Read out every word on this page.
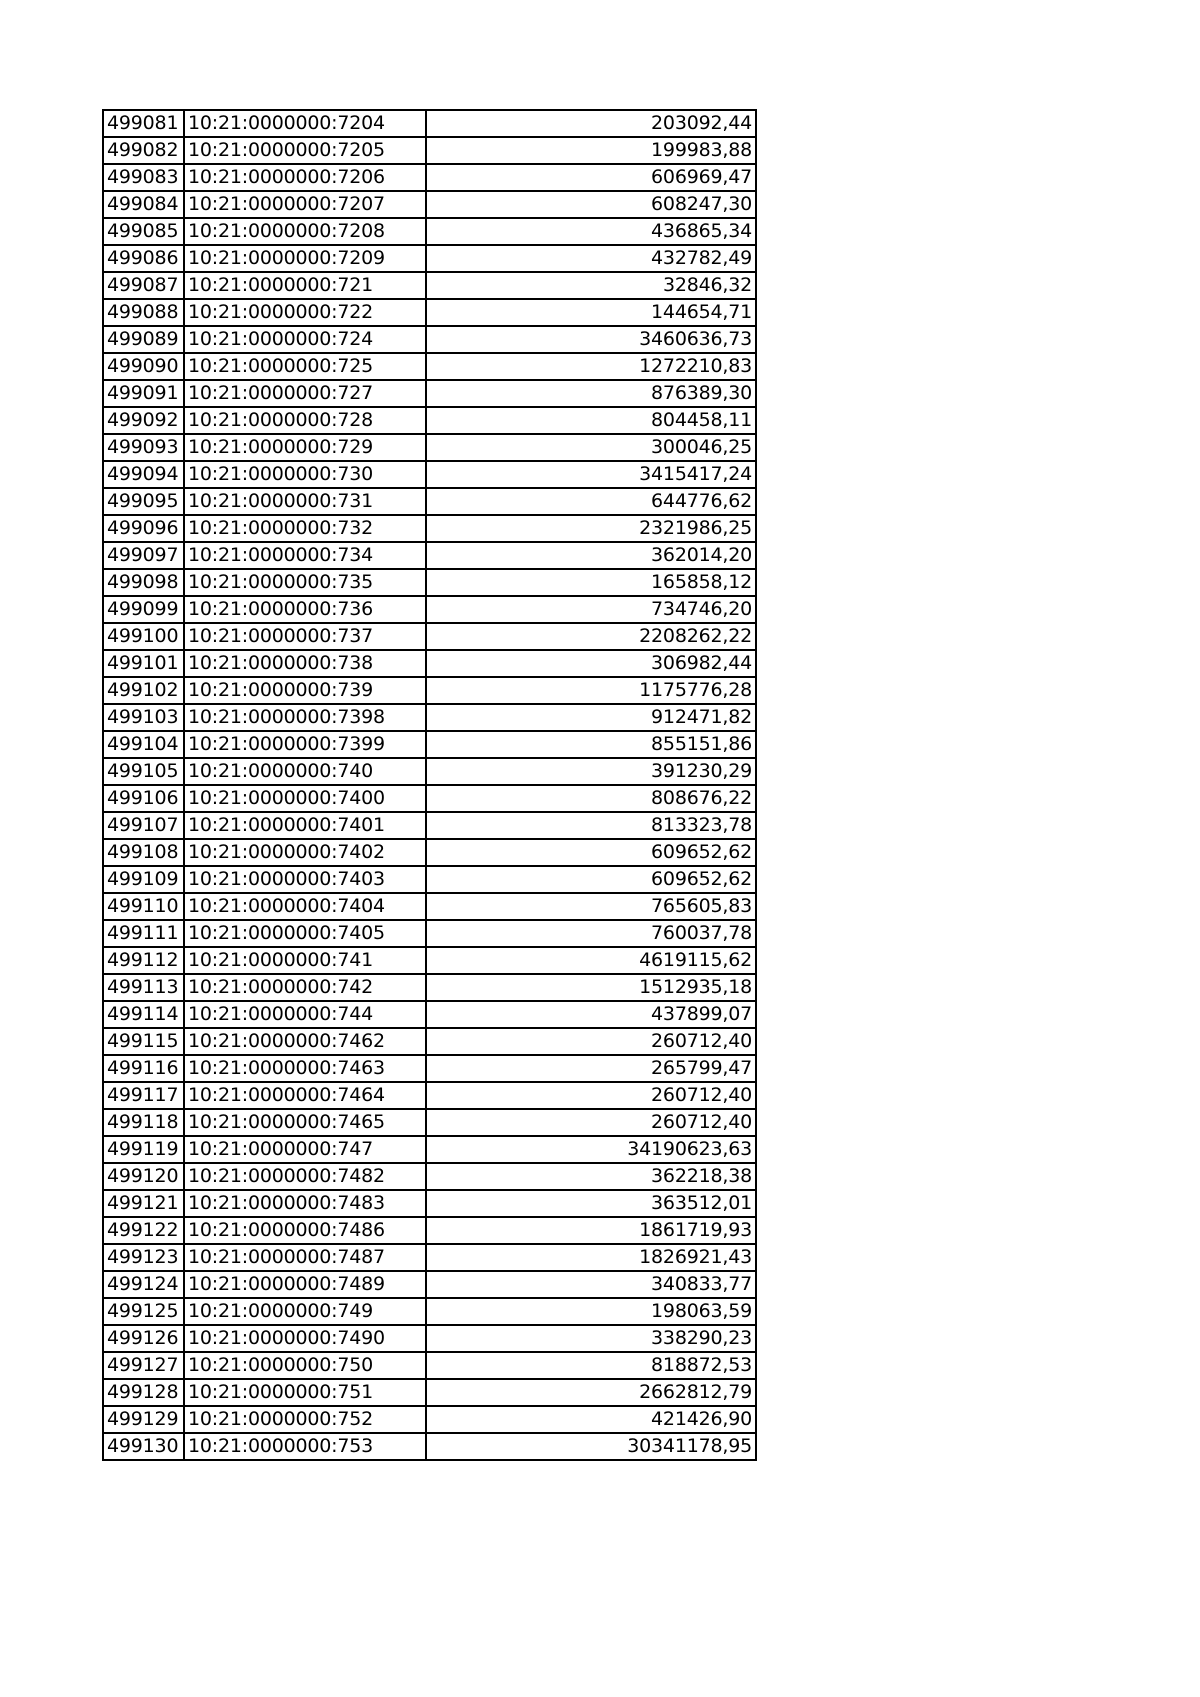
499081	10:21:0000000:7204	203092,44
499082	10:21:0000000:7205	199983,88
499083	10:21:0000000:7206	606969,47
499084	10:21:0000000:7207	608247,30
499085	10:21:0000000:7208	436865,34
499086	10:21:0000000:7209	432782,49
499087	10:21:0000000:721	32846,32
499088	10:21:0000000:722	144654,71
499089	10:21:0000000:724	3460636,73
499090	10:21:0000000:725	1272210,83
499091	10:21:0000000:727	876389,30
499092	10:21:0000000:728	804458,11
499093	10:21:0000000:729	300046,25
499094	10:21:0000000:730	3415417,24
499095	10:21:0000000:731	644776,62
499096	10:21:0000000:732	2321986,25
499097	10:21:0000000:734	362014,20
499098	10:21:0000000:735	165858,12
499099	10:21:0000000:736	734746,20
499100	10:21:0000000:737	2208262,22
499101	10:21:0000000:738	306982,44
499102	10:21:0000000:739	1175776,28
499103	10:21:0000000:7398	912471,82
499104	10:21:0000000:7399	855151,86
499105	10:21:0000000:740	391230,29
499106	10:21:0000000:7400	808676,22
499107	10:21:0000000:7401	813323,78
499108	10:21:0000000:7402	609652,62
499109	10:21:0000000:7403	609652,62
499110	10:21:0000000:7404	765605,83
499111	10:21:0000000:7405	760037,78
499112	10:21:0000000:741	4619115,62
499113	10:21:0000000:742	1512935,18
499114	10:21:0000000:744	437899,07
499115	10:21:0000000:7462	260712,40
499116	10:21:0000000:7463	265799,47
499117	10:21:0000000:7464	260712,40
499118	10:21:0000000:7465	260712,40
499119	10:21:0000000:747	34190623,63
499120	10:21:0000000:7482	362218,38
499121	10:21:0000000:7483	363512,01
499122	10:21:0000000:7486	1861719,93
499123	10:21:0000000:7487	1826921,43
499124	10:21:0000000:7489	340833,77
499125	10:21:0000000:749	198063,59
499126	10:21:0000000:7490	338290,23
499127	10:21:0000000:750	818872,53
499128	10:21:0000000:751	2662812,79
499129	10:21:0000000:752	421426,90
499130	10:21:0000000:753	30341178,95
